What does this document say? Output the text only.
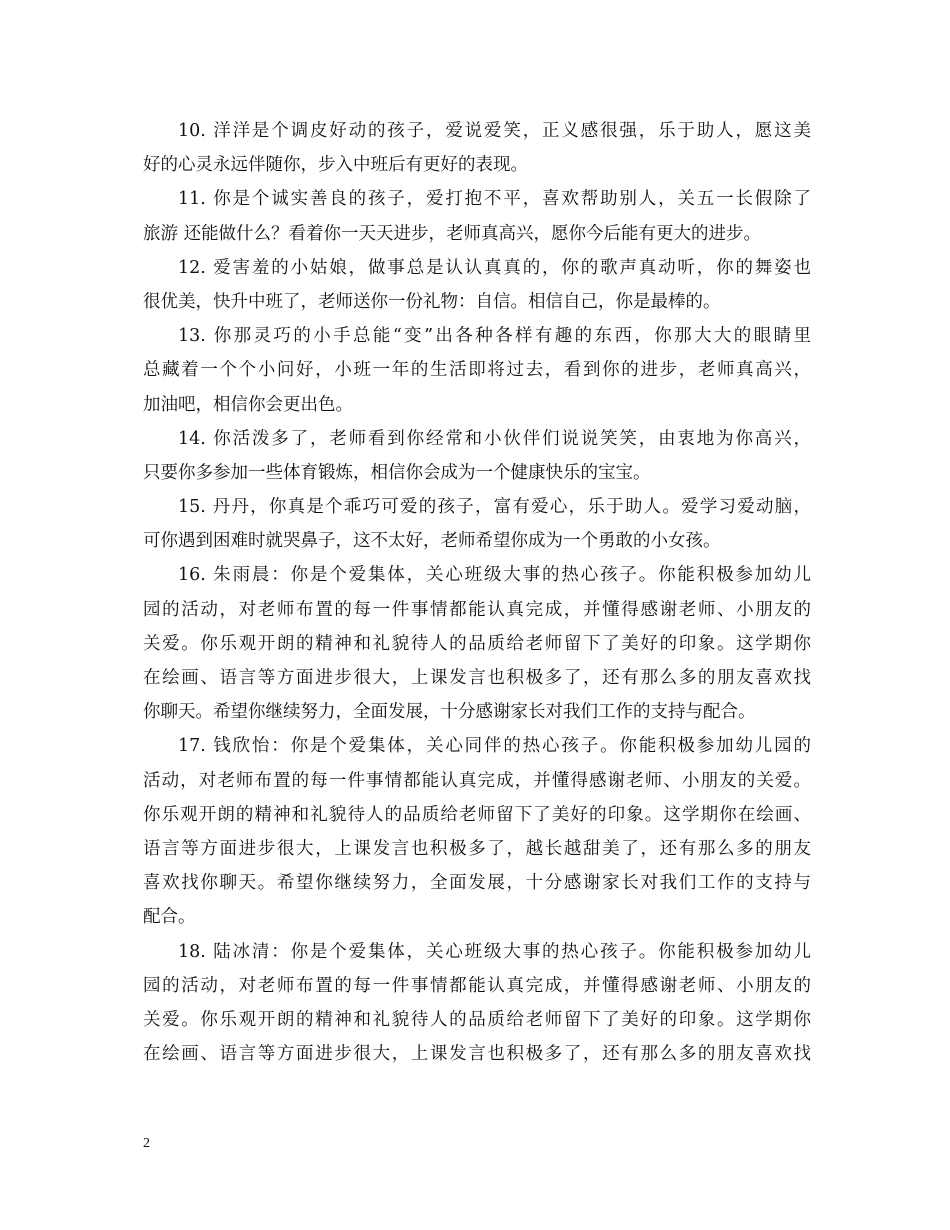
10. 洋洋是个调皮好动的孩子，爱说爱笑，正义感很强，乐于助人，愿这美
好的心灵永远伴随你，步入中班后有更好的表现。
11. 你是个诚实善良的孩子，爱打抱不平，喜欢帮助别人，关五一长假除了
旅游 还能做什么？看着你一天天进步，老师真高兴，愿你今后能有更大的进步。
12. 爱害羞的小姑娘，做事总是认认真真的，你的歌声真动听，你的舞姿也
很优美，快升中班了，老师送你一份礼物：自信。相信自己，你是最棒的。
13. 你那灵巧的小手总能“变”出各种各样有趣的东西，你那大大的眼睛里
总藏着一个个小问好，小班一年的生活即将过去，看到你的进步，老师真高兴，
加油吧，相信你会更出色。
14. 你活泼多了，老师看到你经常和小伙伴们说说笑笑，由衷地为你高兴，
只要你多参加一些体育锻炼，相信你会成为一个健康快乐的宝宝。
15. 丹丹，你真是个乖巧可爱的孩子，富有爱心，乐于助人。爱学习爱动脑，
可你遇到困难时就哭鼻子，这不太好，老师希望你成为一个勇敢的小女孩。
16. 朱雨晨：你是个爱集体，关心班级大事的热心孩子。你能积极参加幼儿
园的活动，对老师布置的每一件事情都能认真完成，并懂得感谢老师、小朋友的
关爱。你乐观开朗的精神和礼貌待人的品质给老师留下了美好的印象。这学期你
在绘画、语言等方面进步很大，上课发言也积极多了，还有那么多的朋友喜欢找
你聊天。希望你继续努力，全面发展，十分感谢家长对我们工作的支持与配合。
17. 钱欣怡：你是个爱集体，关心同伴的热心孩子。你能积极参加幼儿园的
活动，对老师布置的每一件事情都能认真完成，并懂得感谢老师、小朋友的关爱。
你乐观开朗的精神和礼貌待人的品质给老师留下了美好的印象。这学期你在绘画、
语言等方面进步很大，上课发言也积极多了，越长越甜美了，还有那么多的朋友
喜欢找你聊天。希望你继续努力，全面发展，十分感谢家长对我们工作的支持与
配合。
18. 陆冰清：你是个爱集体，关心班级大事的热心孩子。你能积极参加幼儿
园的活动，对老师布置的每一件事情都能认真完成，并懂得感谢老师、小朋友的
关爱。你乐观开朗的精神和礼貌待人的品质给老师留下了美好的印象。这学期你
在绘画、语言等方面进步很大，上课发言也积极多了，还有那么多的朋友喜欢找
2
